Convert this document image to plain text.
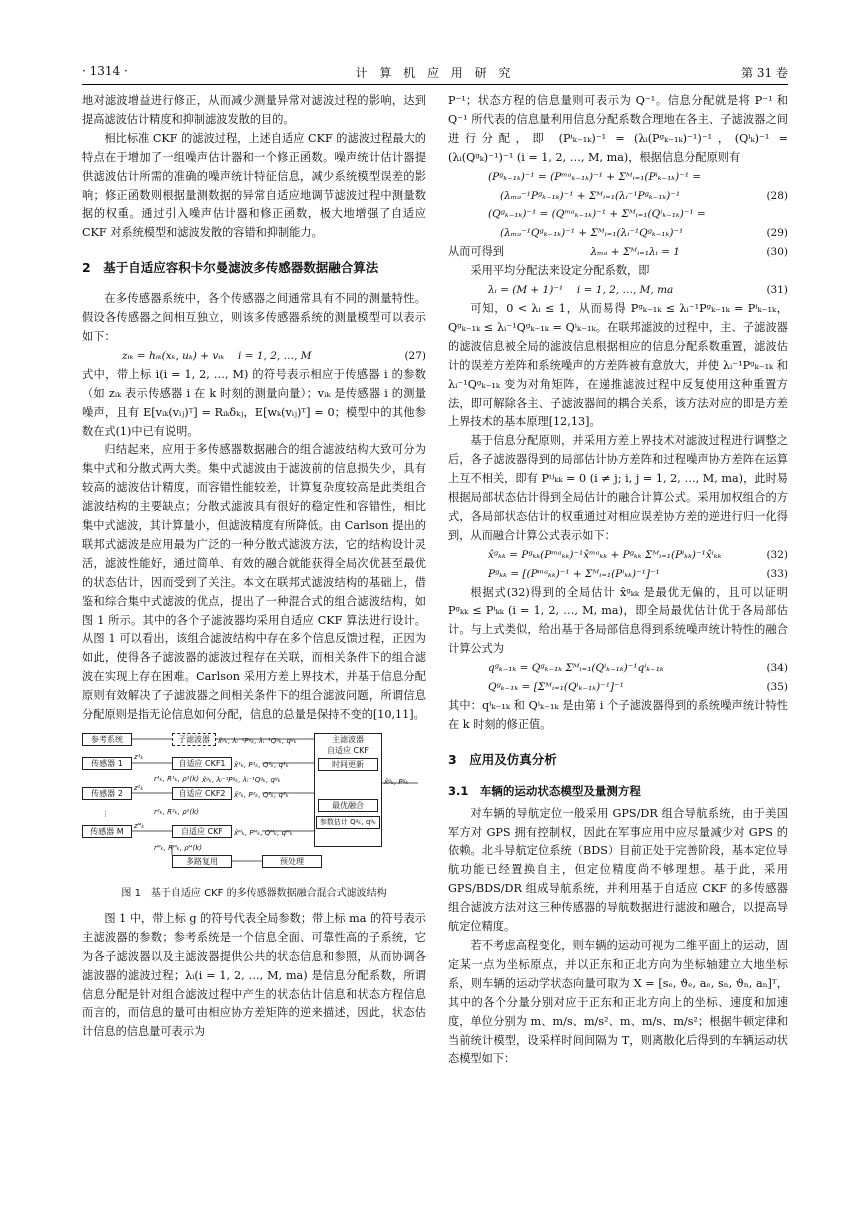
· 1314 ·	计 算 机 应 用 研 究	第 31 卷

地对滤波增益进行修正，从而减少测量异常对滤波过程的影响，达到提高滤波估计精度和抑制滤波发散的目的。

相比标准 CKF 的滤波过程，上述自适应 CKF 的滤波过程最大的特点在于增加了一组噪声估计器和一个修正函数。噪声统计估计器提供滤波估计所需的准确的噪声统计特征信息，减少系统模型误差的影响；修正函数则根据量测数据的异常自适应地调节滤波过程中测量数据的权重。通过引入噪声估计器和修正函数，极大地增强了自适应 CKF 对系统模型和滤波发散的容错和抑制能力。

2　基于自适应容积卡尔曼滤波多传感器数据融合算法

在多传感器系统中，各个传感器之间通常具有不同的测量特性。假设各传感器之间相互独立，则该多传感器系统的测量模型可以表示如下：

zᵢₖ = hᵢₖ(xₖ, uₖ) + vᵢₖ　 i = 1, 2, …, M	(27)

式中，带上标 i(i = 1, 2, …, M) 的符号表示相应于传感器 i 的参数（如 zᵢₖ 表示传感器 i 在 k 时刻的测量向量）；vᵢₖ 是传感器 i 的测量噪声，且有 E[vᵢₖ(vᵢⱼ)ᵀ] = Rᵢₖδₖⱼ，E[wₖ(vᵢⱼ)ᵀ] = 0；模型中的其他参数在式(1)中已有说明。

归结起来，应用于多传感器数据融合的组合滤波结构大致可分为集中式和分散式两大类。集中式滤波由于滤波前的信息损失少，具有较高的滤波估计精度，而容错性能较差，计算复杂度较高是此类组合滤波结构的主要缺点；分散式滤波具有很好的稳定性和容错性，相比集中式滤波，其计算量小，但滤波精度有所降低。由 Carlson 提出的联邦式滤波是应用最为广泛的一种分散式滤波方法，它的结构设计灵活，滤波性能好，通过简单、有效的融合就能获得全局次优甚至最优的状态估计，因而受到了关注。本文在联邦式滤波结构的基础上，借鉴和综合集中式滤波的优点，提出了一种混合式的组合滤波结构，如图 1 所示。其中的各个子滤波器均采用自适应 CKF 算法进行设计。从图 1 可以看出，该组合滤波结构中存在多个信息反馈过程，正因为如此，使得各子滤波器的滤波过程存在关联，而相关条件下的组合滤波在实现上存在困难。Carlson 采用方差上界技术，并基于信息分配原则有效解决了子滤波器之间相关条件下的组合滤波问题，所谓信息分配原则是指无论信息如何分配，信息的总量是保持不变的[10,11]。

参考系统
传感器 1
传感器 2
⋮
传感器 M
z¹ₖ
z²ₖ
zᴹₖ
子滤波器	x̂ᵍₖ, λᵢ⁻¹Pᵍₖ, λᵢ⁻¹Qᵍₖ, qᵍₖ
自适应 CKF1	x̂¹ₖ, P¹ₖ, Q¹ₖ, q¹ₖ
r¹ₖ, R¹ₖ, ρ¹(k) x̂ᵍₖ, λᵢ⁻¹Pᵍₖ, λᵢ⁻¹Qᵍₖ, qᵍₖ
自适应 CKF2	x̂²ₖ, P²ₖ, Q²ₖ, q²ₖ
r²ₖ, R²ₖ, ρ²(k)
自适应 CKF	x̂ᴹₖ, Pᴹₖ, Qᴹₖ, qᴹₖ
rᴹₖ, Rᴹₖ, ρᴹ(k)
主滤波器
自适应 CKF
时间更新
最优融合
参数估计 Qᵍₖ, qᵍₖ
x̂ᵍₖ, Pᵍₖ
多路复用	预处理
图 1　基于自适应 CKF 的多传感器数据融合混合式滤波结构

图 1 中，带上标 g 的符号代表全局参数；带上标 ma 的符号表示主滤波器的参数；参考系统是一个信息全面、可靠性高的子系统，它为各子滤波器以及主滤波器提供公共的状态信息和参照，从而协调各滤波器的滤波过程；λᵢ(i = 1, 2, …, M, ma) 是信息分配系数，所谓信息分配是针对组合滤波过程中产生的状态估计信息和状态方程信息而言的，而信息的量可由相应协方差矩阵的逆来描述，因此，状态估计信息的信息量可表示为

P⁻¹；状态方程的信息量则可表示为 Q⁻¹。信息分配就是将 P⁻¹ 和 Q⁻¹ 所代表的信息量利用信息分配系数合理地在各主、子滤波器之间进行分配，即 (Pⁱₖ₋₁ₖ)⁻¹ = (λᵢ(Pᵍₖ₋₁ₖ)⁻¹)⁻¹，(Qⁱₖ)⁻¹ = (λᵢ(Qᵍₖ)⁻¹)⁻¹ (i = 1, 2, …, M, ma)，根据信息分配原则有

(Pᵍₖ₋₁ₖ)⁻¹ = (Pᵐᵃₖ₋₁ₖ)⁻¹ + Σᴹᵢ₌₁(Pⁱₖ₋₁ₖ)⁻¹ =
(λₘₐ⁻¹Pᵍₖ₋₁ₖ)⁻¹ + Σᴹᵢ₌₁(λᵢ⁻¹Pᵍₖ₋₁ₖ)⁻¹	(28)
(Qᵍₖ₋₁ₖ)⁻¹ = (Qᵐᵃₖ₋₁ₖ)⁻¹ + Σᴹᵢ₌₁(Qⁱₖ₋₁ₖ)⁻¹ =
(λₘₐ⁻¹Qᵍₖ₋₁ₖ)⁻¹ + Σᴹᵢ₌₁(λᵢ⁻¹Qᵍₖ₋₁ₖ)⁻¹	(29)
从而可得到	λₘₐ + Σᴹᵢ₌₁λᵢ = 1	(30)

采用平均分配法来设定分配系数，即

λᵢ = (M + 1)⁻¹　 i = 1, 2, …, M, ma	(31)

可知，0 < λᵢ ≤ 1，从而易得 Pᵍₖ₋₁ₖ ≤ λᵢ⁻¹Pᵍₖ₋₁ₖ = Pⁱₖ₋₁ₖ，Qᵍₖ₋₁ₖ ≤ λᵢ⁻¹Qᵍₖ₋₁ₖ = Qⁱₖ₋₁ₖ。在联邦滤波的过程中，主、子滤波器的滤波信息被全局的滤波信息根据相应的信息分配系数重置，滤波估计的误差方差阵和系统噪声的方差阵被有意放大，并使 λᵢ⁻¹Pᵍₖ₋₁ₖ 和 λᵢ⁻¹Qᵍₖ₋₁ₖ 变为对角矩阵，在递推滤波过程中反复使用这种重置方法，即可解除各主、子滤波器间的耦合关系，该方法对应的即是方差上界技术的基本原理[12,13]。

基于信息分配原则，并采用方差上界技术对滤波过程进行调整之后，各子滤波器得到的局部估计协方差阵和过程噪声协方差阵在运算上互不相关，即有 Pⁱʲₖₖ = 0 (i ≠ j; i, j = 1, 2, …, M, ma)，此时易根据局部状态估计得到全局估计的融合计算公式。采用加权组合的方式，各局部状态估计的权重通过对相应误差协方差的逆进行归一化得到，从而融合计算公式表示如下：

x̂ᵍₖₖ = Pᵍₖₖ(Pᵐᵃₖₖ)⁻¹x̂ᵐᵃₖₖ + Pᵍₖₖ Σᴹᵢ₌₁(Pⁱₖₖ)⁻¹x̂ⁱₖₖ	(32)
Pᵍₖₖ = [(Pᵐᵃₖₖ)⁻¹ + Σᴹᵢ₌₁(Pⁱₖₖ)⁻¹]⁻¹	(33)

根据式(32)得到的全局估计 x̂ᵍₖₖ 是最优无偏的，且可以证明 Pᵍₖₖ ≤ Pⁱₖₖ (i = 1, 2, …, M, ma)，即全局最优估计优于各局部估计。与上式类似，给出基于各局部信息得到系统噪声统计特性的融合计算公式为

qᵍₖ₋₁ₖ = Qᵍₖ₋₁ₖ Σᴹᵢ₌₁(Qⁱₖ₋₁ₖ)⁻¹qⁱₖ₋₁ₖ	(34)
Qᵍₖ₋₁ₖ = [Σᴹᵢ₌₁(Qⁱₖ₋₁ₖ)⁻¹]⁻¹	(35)

其中：qⁱₖ₋₁ₖ 和 Qⁱₖ₋₁ₖ 是由第 i 个子滤波器得到的系统噪声统计特性在 k 时刻的修正值。

3　应用及仿真分析
3.1　车辆的运动状态模型及量测方程

对车辆的导航定位一般采用 GPS/DR 组合导航系统，由于美国军方对 GPS 拥有控制权，因此在军事应用中应尽量减少对 GPS 的依赖。北斗导航定位系统（BDS）目前正处于完善阶段，基本定位导航功能已经置换自主，但定位精度尚不够理想。基于此，采用 GPS/BDS/DR 组成导航系统，并利用基于自适应 CKF 的多传感器组合滤波方法对这三种传感器的导航数据进行滤波和融合，以提高导航定位精度。

若不考虑高程变化，则车辆的运动可视为二维平面上的运动，固定某一点为坐标原点，并以正东和正北方向为坐标轴建立大地坐标系，则车辆的运动学状态向量可取为 X = [sₑ, ϑₑ, aₑ, sₙ, ϑₙ, aₙ]ᵀ，其中的各个分量分别对应于正东和正北方向上的坐标、速度和加速度，单位分别为 m、m/s、m/s²、m、m/s、m/s²；根据牛顿定律和当前统计模型，设采样时间间隔为 T，则离散化后得到的车辆运动状态模型如下：
